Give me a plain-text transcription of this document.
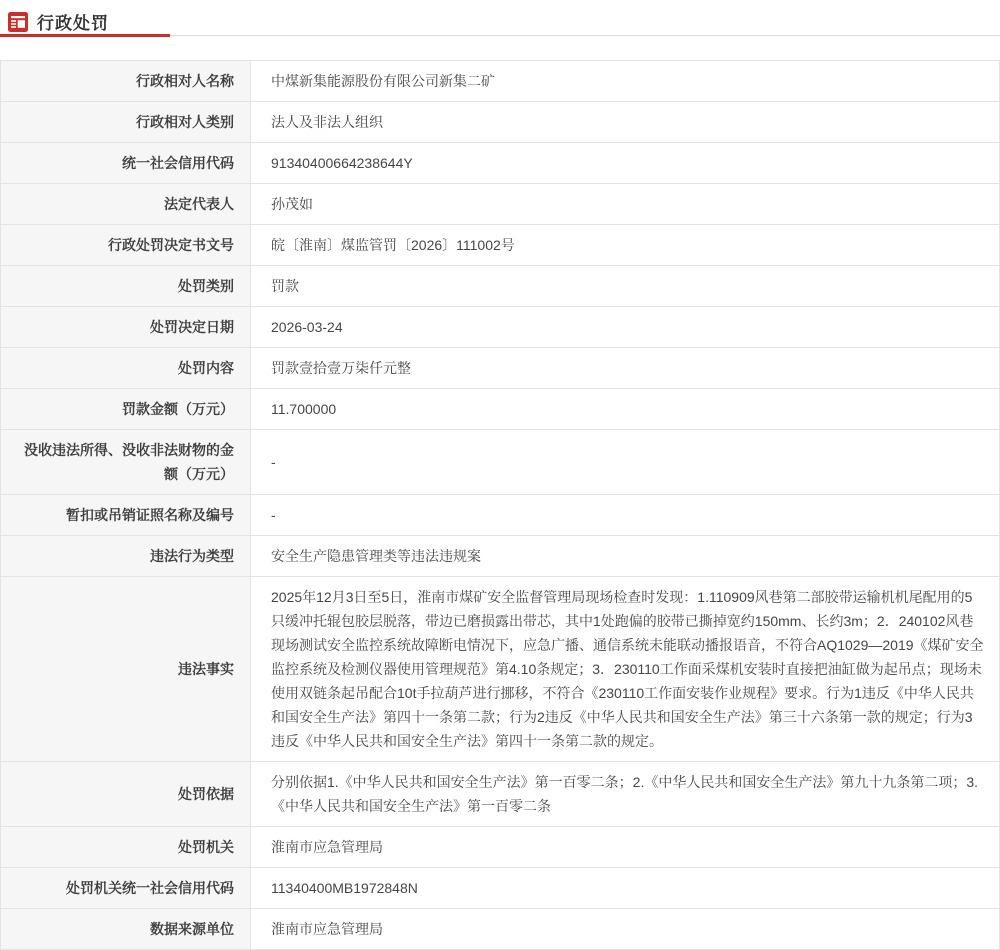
行政处罚
行政相对人名称	中煤新集能源股份有限公司新集二矿
行政相对人类别	法人及非法人组织
统一社会信用代码	91340400664238644Y
法定代表人	孙茂如
行政处罚决定书文号	皖〔淮南〕煤监管罚〔2026〕111002号
处罚类别	罚款
处罚决定日期	2026-03-24
处罚内容	罚款壹拾壹万柒仟元整
罚款金额（万元）	11.700000
没收违法所得、没收非法财物的金额（万元）	-
暂扣或吊销证照名称及编号	-
违法行为类型	安全生产隐患管理类等违法违规案
违法事实	2025年12月3日至5日，淮南市煤矿安全监督管理局现场检查时发现：1.110909风巷第二部胶带运输机机尾配用的5只缓冲托辊包胶层脱落，带边已磨损露出带芯，其中1处跑偏的胶带已撕掉宽约150mm、长约3m；2．240102风巷现场测试安全监控系统故障断电情况下，应急广播、通信系统未能联动播报语音，不符合AQ1029—2019《煤矿安全监控系统及检测仪器使用管理规范》第4.10条规定；3．230110工作面采煤机安装时直接把油缸做为起吊点；现场未使用双链条起吊配合10t手拉葫芦进行挪移，不符合《230110工作面安装作业规程》要求。行为1违反《中华人民共和国安全生产法》第四十一条第二款；行为2违反《中华人民共和国安全生产法》第三十六条第一款的规定；行为3违反《中华人民共和国安全生产法》第四十一条第二款的规定。
处罚依据	分别依据1.《中华人民共和国安全生产法》第一百零二条；2.《中华人民共和国安全生产法》第九十九条第二项；3.《中华人民共和国安全生产法》第一百零二条
处罚机关	淮南市应急管理局
处罚机关统一社会信用代码	11340400MB1972848N
数据来源单位	淮南市应急管理局
